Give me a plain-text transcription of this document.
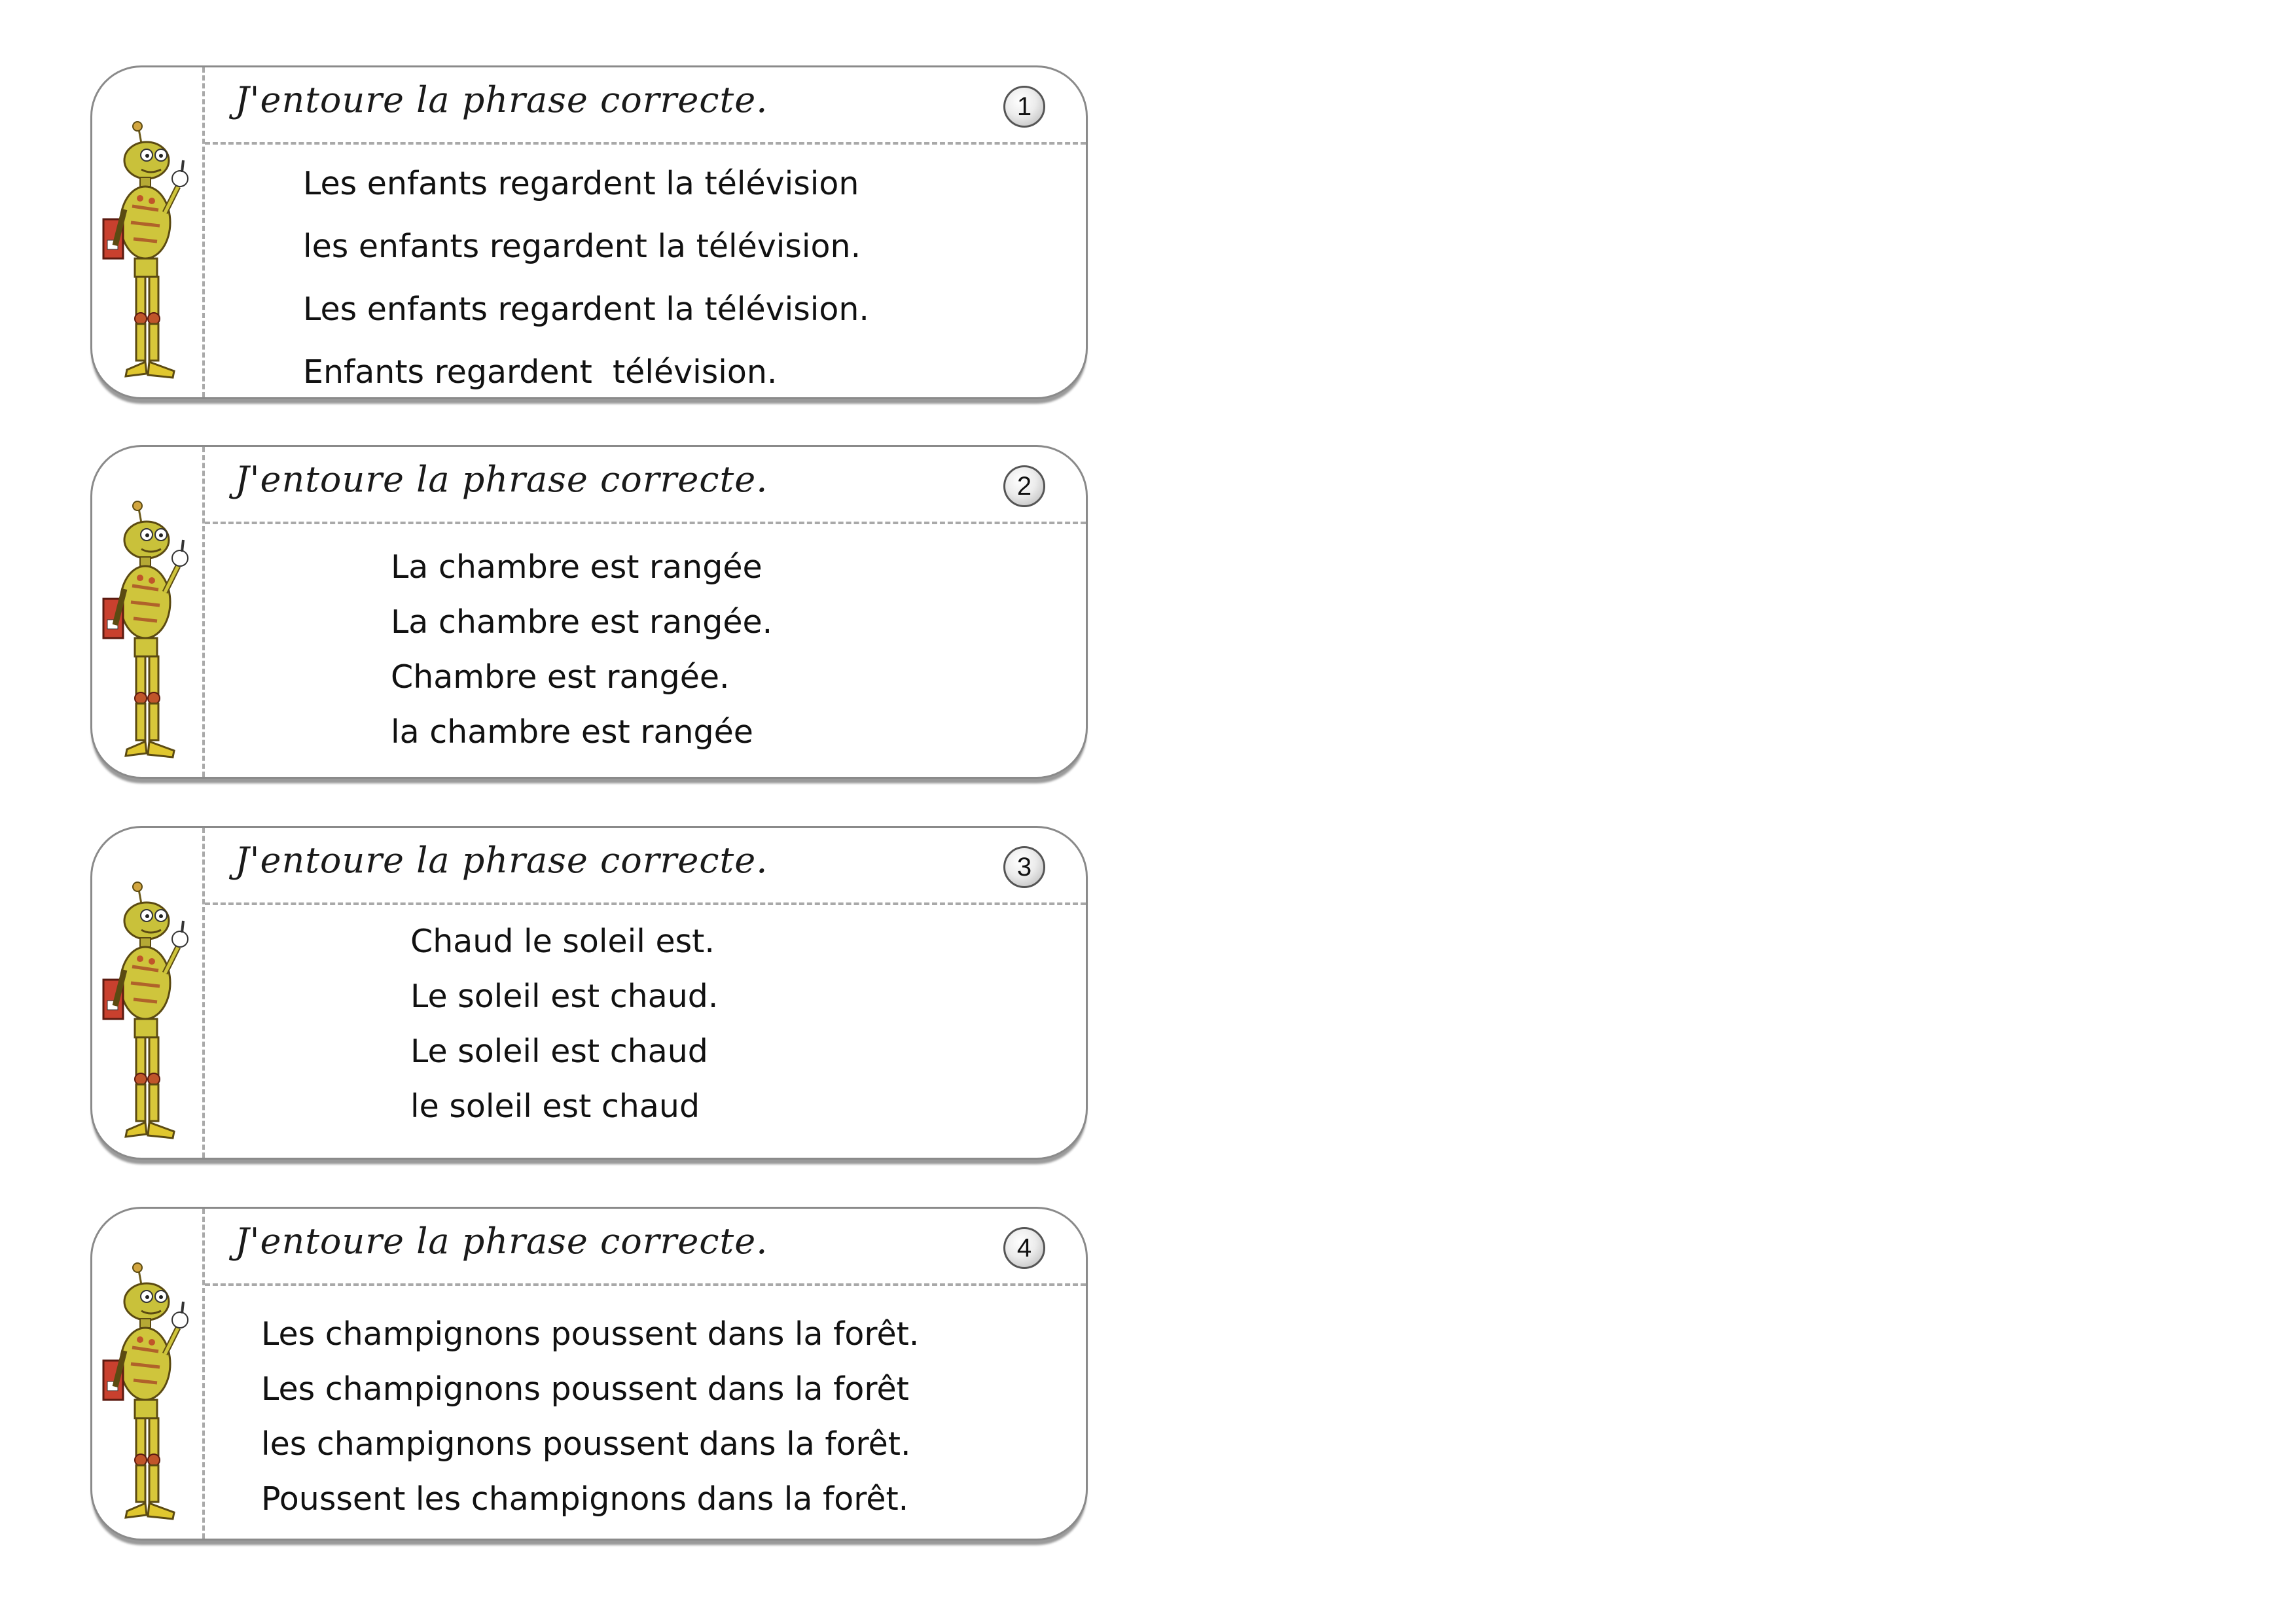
J'entoure la phrase correcte.	1
Les enfants regardent la télévision
les enfants regardent la télévision.
Les enfants regardent la télévision.
Enfants regardent  télévision.
J'entoure la phrase correcte.	2
La chambre est rangée
La chambre est rangée.
Chambre est rangée.
la chambre est rangée
J'entoure la phrase correcte.	3
Chaud le soleil est.
Le soleil est chaud.
Le soleil est chaud
le soleil est chaud
J'entoure la phrase correcte.	4
Les champignons poussent dans la forêt.
Les champignons poussent dans la forêt
les champignons poussent dans la forêt.
Poussent les champignons dans la forêt.
